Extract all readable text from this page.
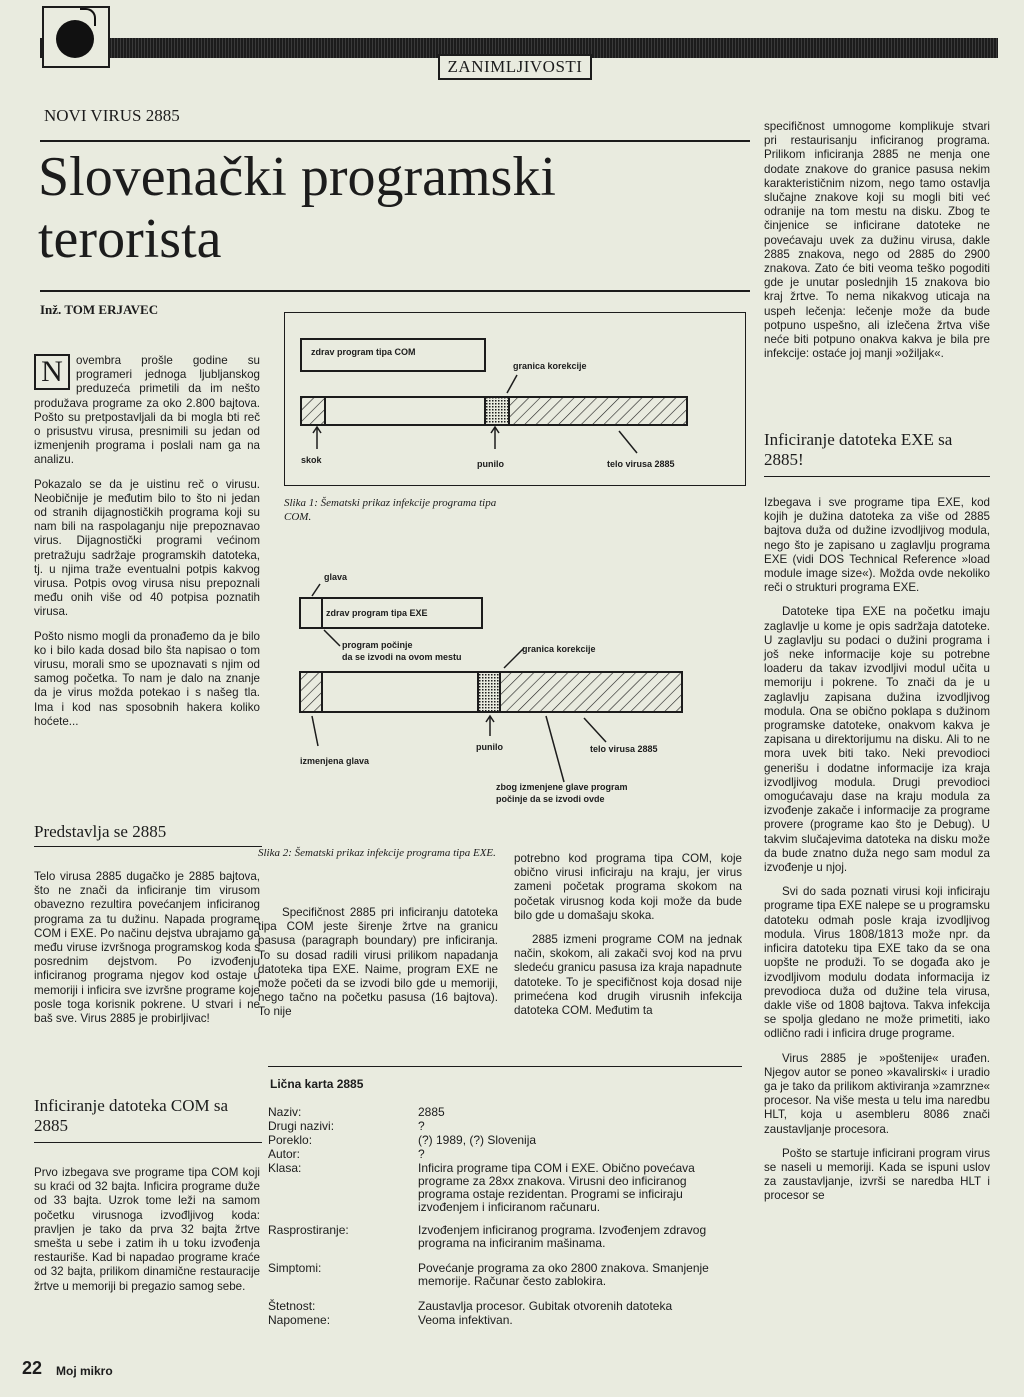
ZANIMLJIVOSTI
NOVI VIRUS 2885
Slovenački programski
terorista
Inž. TOM ERJAVEC

N	ovembra prošle godine su programeri jednoga ljubljanskog preduzeća primetili da im nešto produžava programe za oko 2.800 bajtova. Pošto su pretpostavljali da bi mogla bti reč o prisustvu virusa, presnimili su jedan od izmenjenih programa i poslali nam ga na analizu.

Pokazalo se da je uistinu reč o virusu. Neobičnije je međutim bilo to što ni jedan od stranih dijagnostičkih programa koji su nam bili na raspolaganju nije prepoznavao virus. Dijagnostički programi većinom pretražuju sadržaje programskih datoteka, tj. u njima traže eventualni potpis kakvog virusa. Potpis ovog virusa nisu prepoznali među onih više od 40 potpisa poznatih virusa.

Pošto nismo mogli da pronađemo da je bilo ko i bilo kada dosad bilo šta napisao o tom virusu, morali smo se upoznavati s njim od samog početka. To nam je dalo na znanje da je virus možda potekao i s našeg tla. Ima i kod nas sposobnih hakera koliko hoćete...

Predstavlja se 2885

Telo virusa 2885 dugačko je 2885 bajtova, što ne znači da inficiranje tim virusom obavezno rezultira povećanjem inficiranog programa za tu dužinu. Napada programe COM i EXE. Po načinu dejstva ubrajamo ga među viruse izvršnoga programskog koda s posrednim dejstvom. Po izvođenju inficiranog programa njegov kod ostaje u memoriji i inficira sve izvršne programe koje posle toga korisnik pokrene. U stvari i ne baš sve. Virus 2885 je probirljivac!

Inficiranje datoteka COM sa 2885

Prvo izbegava sve programe tipa COM koji su kraći od 32 bajta. Inficira programe duže od 33 bajta. Uzrok tome leži na samom početku virusnoga izvođljivog koda: pravljen je tako da prva 32 bajta žrtve smešta u sebe i zatim ih u toku izvođenja restauriše. Kad bi napadao programe kraće od 32 bajta, prilikom dinamične restauracije žrtve u memoriji bi pregazio samog sebe.

zdrav program tipa COM
granica korekcije
skok	punilo	telo virusa 2885
Slika 1: Šematski prikaz infekcije programa tipa COM.
glava
zdrav program tipa EXE
program počinje
da se izvodi na ovom mestu
granica korekcije
izmenjena glava
punilo	telo virusa 2885
zbog izmenjene glave program
počinje da se izvodi ovde
Slika 2: Šematski prikaz infekcije programa tipa EXE.

Specifičnost 2885 pri inficiranju datoteka tipa COM jeste širenje žrtve na granicu pasusa (paragraph boundary) pre inficiranja. To su dosad radili virusi prilikom napadanja datoteka tipa EXE. Naime, program EXE ne može početi da se izvodi bilo gde u memoriji, nego tačno na početku pasusa (16 bajtova). To nije

potrebno kod programa tipa COM, koje obično virusi inficiraju na kraju, jer virus zameni početak programa skokom na početak virusnog koda koji može da bude bilo gde u domašaju skoka.

2885 izmeni programe COM na jednak način, skokom, ali zakači svoj kod na prvu sledeću granicu pasusa iza kraja napadnute datoteke. To je specifičnost koja dosad nije primećena kod drugih virusnih infekcija datoteka COM. Međutim ta

Lična karta 2885
Naziv:	2885
Drugi nazivi:	?
Poreklo:	(?) 1989, (?) Slovenija
Autor:	?
Klasa:	Inficira programe tipa COM i EXE. Obično povećava programe za 28xx znakova. Virusni deo inficiranog programa ostaje rezidentan. Programi se inficiraju izvođenjem i inficiranom računaru.
Rasprostiranje:	Izvođenjem inficiranog programa. Izvođenjem zdravog programa na inficiranim mašinama.
Simptomi:	Povećanje programa za oko 2800 znakova. Smanjenje memorije. Računar često zablokira.
Štetnost:	Zaustavlja procesor. Gubitak otvorenih datoteka
Napomene:	Veoma infektivan.

specifičnost umnogome komplikuje stvari pri restaurisanju inficiranog programa. Prilikom inficiranja 2885 ne menja one dodate znakove do granice pasusa nekim karakterističnim nizom, nego tamo ostavlja slučajne znakove koji su mogli biti već odranije na tom mestu na disku. Zbog te činjenice se inficirane datoteke ne povećavaju uvek za dužinu virusa, dakle 2885 znakova, nego od 2885 do 2900 znakova. Zato će biti veoma teško pogoditi gde je unutar poslednjih 15 znakova bio kraj žrtve. To nema nikakvog uticaja na uspeh lečenja: lečenje može da bude potpuno uspešno, ali izlečena žrtva više neće biti potpuno onakva kakva je bila pre infekcije: ostaće joj manji »ožiljak«.

Inficiranje datoteka EXE sa 2885!

Izbegava i sve programe tipa EXE, kod kojih je dužina datoteka za više od 2885 bajtova duža od dužine izvodljivog modula, nego što je zapisano u zaglavlju programa EXE (vidi DOS Technical Reference »load module image size«). Možda ovde nekoliko reči o strukturi programa EXE.

Datoteke tipa EXE na početku imaju zaglavlje u kome je opis sadržaja datoteke. U zaglavlju su podaci o dužini programa i još neke informacije koje su potrebne loaderu da takav izvodljivi modul učita u memoriju i pokrene. To znači da je u zaglavlju zapisana dužina izvodljivog modula. Ona se obično poklapa s dužinom programske datoteke, onakvom kakva je zapisana u direktorijumu na disku. Ali to ne mora uvek biti tako. Neki prevodioci generišu i dodatne informacije iza kraja izvodljivog modula. Drugi prevodioci omogućavaju dase na kraju modula za izvođenje zakače i informacije za programe provere (programe kao što je Debug). U takvim slučajevima datoteka na disku može da bude znatno duža nego sam modul za izvođenje u njoj.

Svi do sada poznati virusi koji inficiraju programe tipa EXE nalepe se u programsku datoteku odmah posle kraja izvodljivog modula. Virus 1808/1813 može npr. da inficira datoteku tipa EXE tako da se ona uopšte ne produži. To se događa ako je izvodljivom modulu dodata informacija iz prevodioca duža od dužine tela virusa, dakle više od 1808 bajtova. Takva infekcija se spolja gledano ne može primetiti, iako odlično radi i inficira druge programe.

Virus 2885 je »poštenije« urađen. Njegov autor se poneo »kavalirski« i uradio ga je tako da prilikom aktiviranja »zamrzne« procesor. Na više mesta u telu ima naredbu HLT, koja u asembleru 8086 znači zaustavljanje procesora.

Pošto se startuje inficirani program virus se naseli u memoriji. Kada se ispuni uslov za zaustavljanje, izvrši se naredba HLT i procesor se

22 Moj mikro
